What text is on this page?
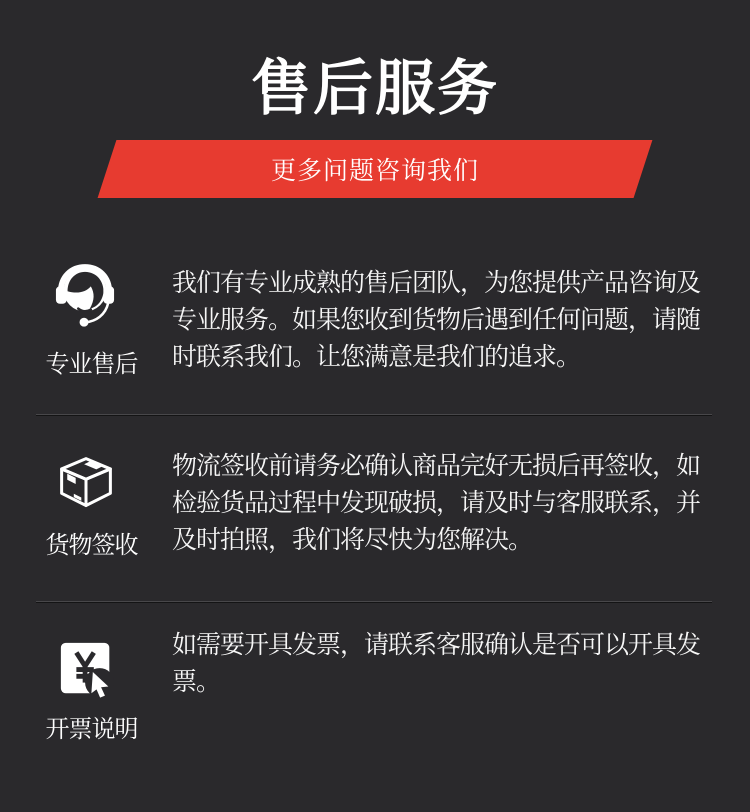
售后服务
更多问题咨询我们
专业售后
我们有专业成熟的售后团队，为您提供产品咨询及专业服务。如果您收到货物后遇到任何问题，请随时联系我们。让您满意是我们的追求。
货物签收
物流签收前请务必确认商品完好无损后再签收，如检验货品过程中发现破损，请及时与客服联系，并及时拍照，我们将尽快为您解决。
开票说明
如需要开具发票，请联系客服确认是否可以开具发票。
